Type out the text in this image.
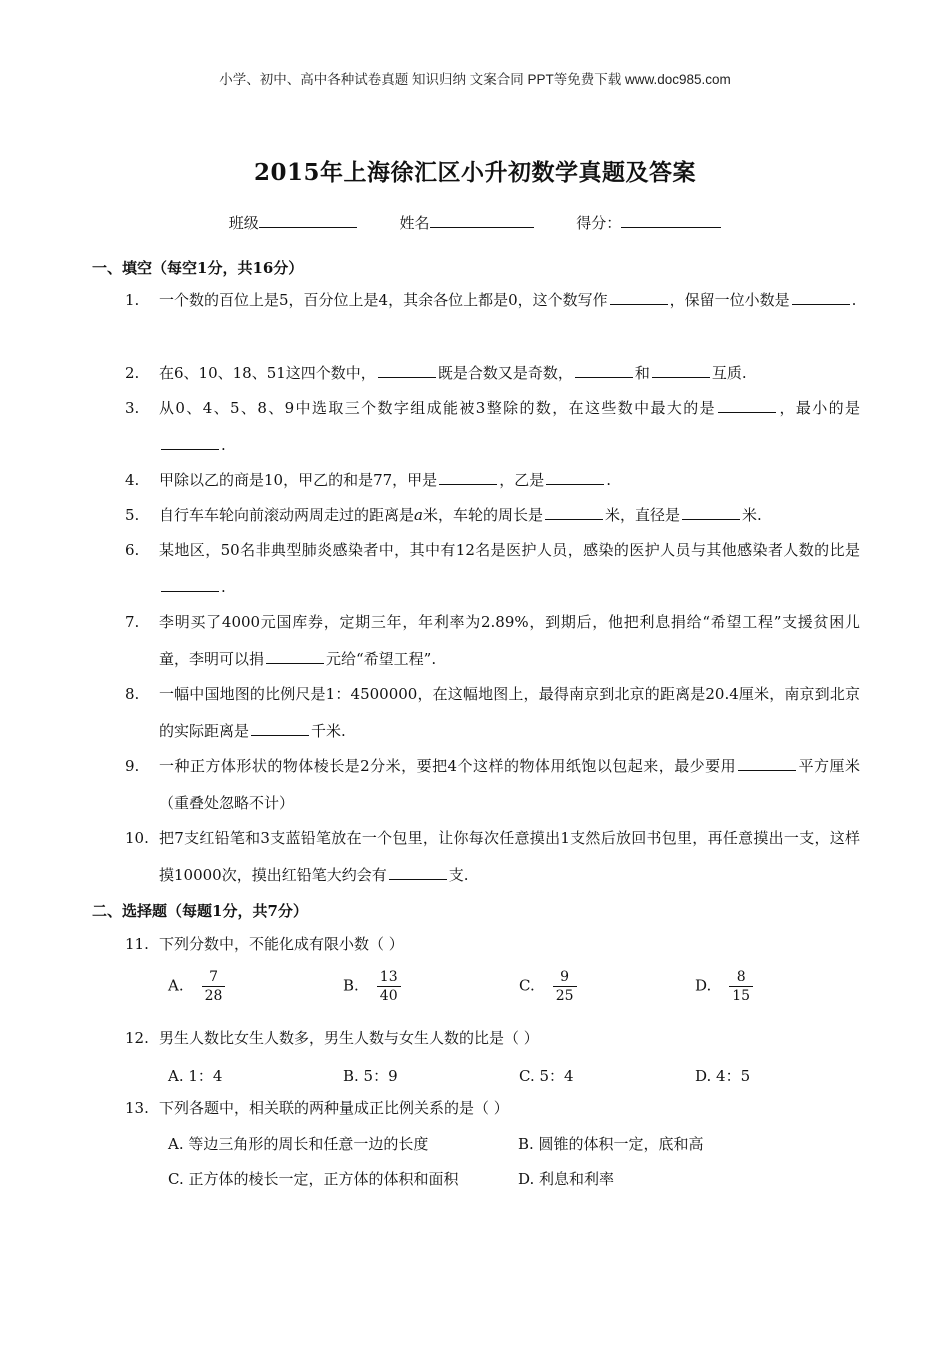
小学、初中、高中各种试卷真题 知识归纳 文案合同 PPT等免费下载 www.doc985.com
2015年上海徐汇区小升初数学真题及答案
班级	姓名	得分：
一、填空（每空1分，共16分）
1.	一个数的百位上是5，百分位上是4，其余各位上都是0，这个数写作	，保留一位小数是	.
2.	在6、10、18、51这四个数中，	既是合数又是奇数，	和	互质.
3.	从0、4、5、8、9中选取三个数字组成能被3整除的数，在这些数中最大的是	，最小的是.
4.	甲除以乙的商是10，甲乙的和是77，甲是	，乙是	.
5.	自行车车轮向前滚动两周走过的距离是a米，车轮的周长是	米，直径是	米.
6.	某地区，50名非典型肺炎感染者中，其中有12名是医护人员，感染的医护人员与其他感染者人数的比是.
7.	李明买了4000元国库券，定期三年，年利率为2.89%，到期后，他把利息捐给“希望工程”支援贫困儿童，李明可以捐	元给“希望工程”.
8.	一幅中国地图的比例尺是1：4500000，在这幅地图上，最得南京到北京的距离是20.4厘米，南京到北京的实际距离是	千米.
9.	一种正方体形状的物体棱长是2分米，要把4个这样的物体用纸饱以包起来，最少要用	平方厘米（重叠处忽略不计）
10. 把7支红铅笔和3支蓝铅笔放在一个包里，让你每次任意摸出1支然后放回书包里，再任意摸出一支，这样摸10000次，摸出红铅笔大约会有	支.
二、选择题（每题1分，共7分）
11. 下列分数中，不能化成有限小数（ ）
A. $\frac{7}{28}$	B. $\frac{13}{40}$	C. $\frac{9}{25}$	D. $\frac{8}{15}$
12. 男生人数比女生人数多，男生人数与女生人数的比是（ ）
A. 1：4	B. 5：9	C. 5：4	D. 4：5
13. 下列各题中，相关联的两种量成正比例关系的是（ ）
A. 等边三角形的周长和任意一边的长度	B. 圆锥的体积一定，底和高
C. 正方体的棱长一定，正方体的体积和面积	D. 利息和利率
